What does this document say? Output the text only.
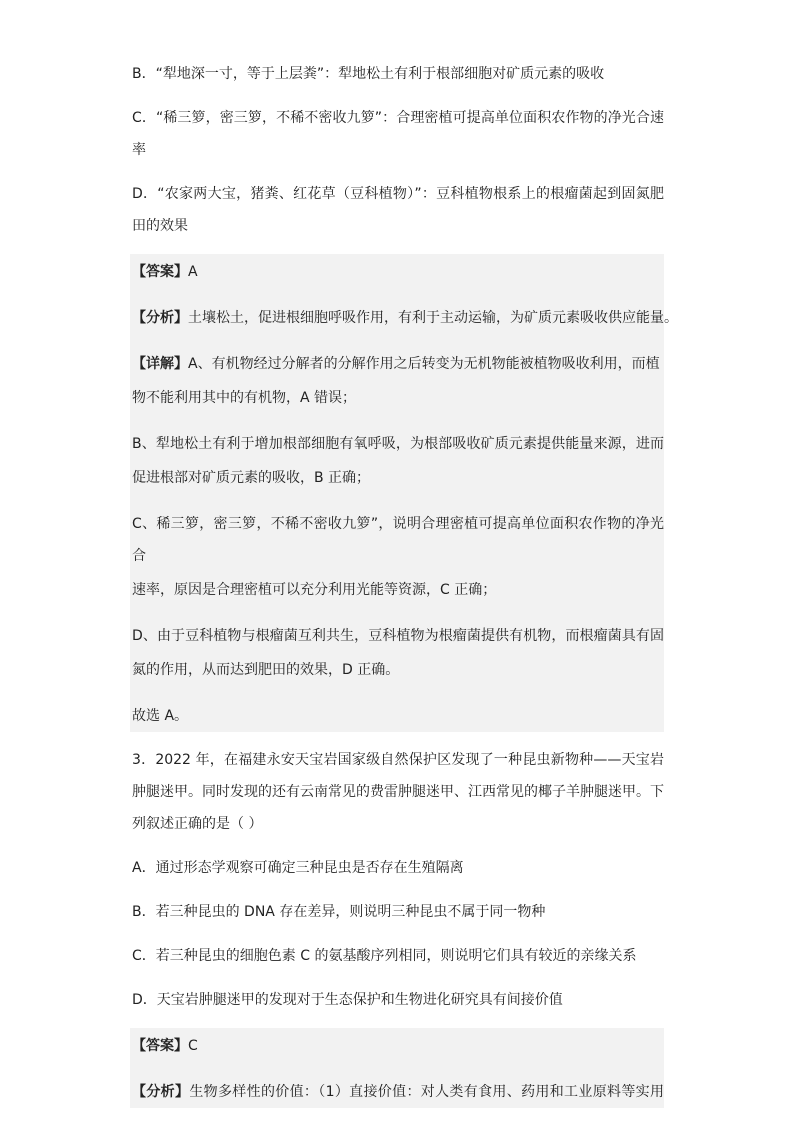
B．“犁地深一寸，等于上层粪”：犁地松土有利于根部细胞对矿质元素的吸收
C．“稀三箩，密三箩，不稀不密收九箩”：合理密植可提高单位面积农作物的净光合速
率
D．“农家两大宝，猪粪、红花草（豆科植物）”：豆科植物根系上的根瘤菌起到固氮肥
田的效果
【答案】A
【分析】土壤松土，促进根细胞呼吸作用，有利于主动运输，为矿质元素吸收供应能量。
【详解】A、有机物经过分解者的分解作用之后转变为无机物能被植物吸收利用，而植
物不能利用其中的有机物，A 错误；
B、犁地松土有利于增加根部细胞有氧呼吸，为根部吸收矿质元素提供能量来源，进而
促进根部对矿质元素的吸收，B 正确；
C、稀三箩，密三箩，不稀不密收九箩”，说明合理密植可提高单位面积农作物的净光合
速率，原因是合理密植可以充分利用光能等资源，C 正确；
D、由于豆科植物与根瘤菌互利共生，豆科植物为根瘤菌提供有机物，而根瘤菌具有固
氮的作用，从而达到肥田的效果，D 正确。
故选 A。
3．2022 年，在福建永安天宝岩国家级自然保护区发现了一种昆虫新物种——天宝岩
肿腿迷甲。同时发现的还有云南常见的费雷肿腿迷甲、江西常见的椰子羊肿腿迷甲。下
列叙述正确的是（ ）
A．通过形态学观察可确定三种昆虫是否存在生殖隔离
B．若三种昆虫的 DNA 存在差异，则说明三种昆虫不属于同一物种
C．若三种昆虫的细胞色素 C 的氨基酸序列相同，则说明它们具有较近的亲缘关系
D．天宝岩肿腿迷甲的发现对于生态保护和生物进化研究具有间接价值
【答案】C
【分析】生物多样性的价值：（1）直接价值：对人类有食用、药用和工业原料等实用
